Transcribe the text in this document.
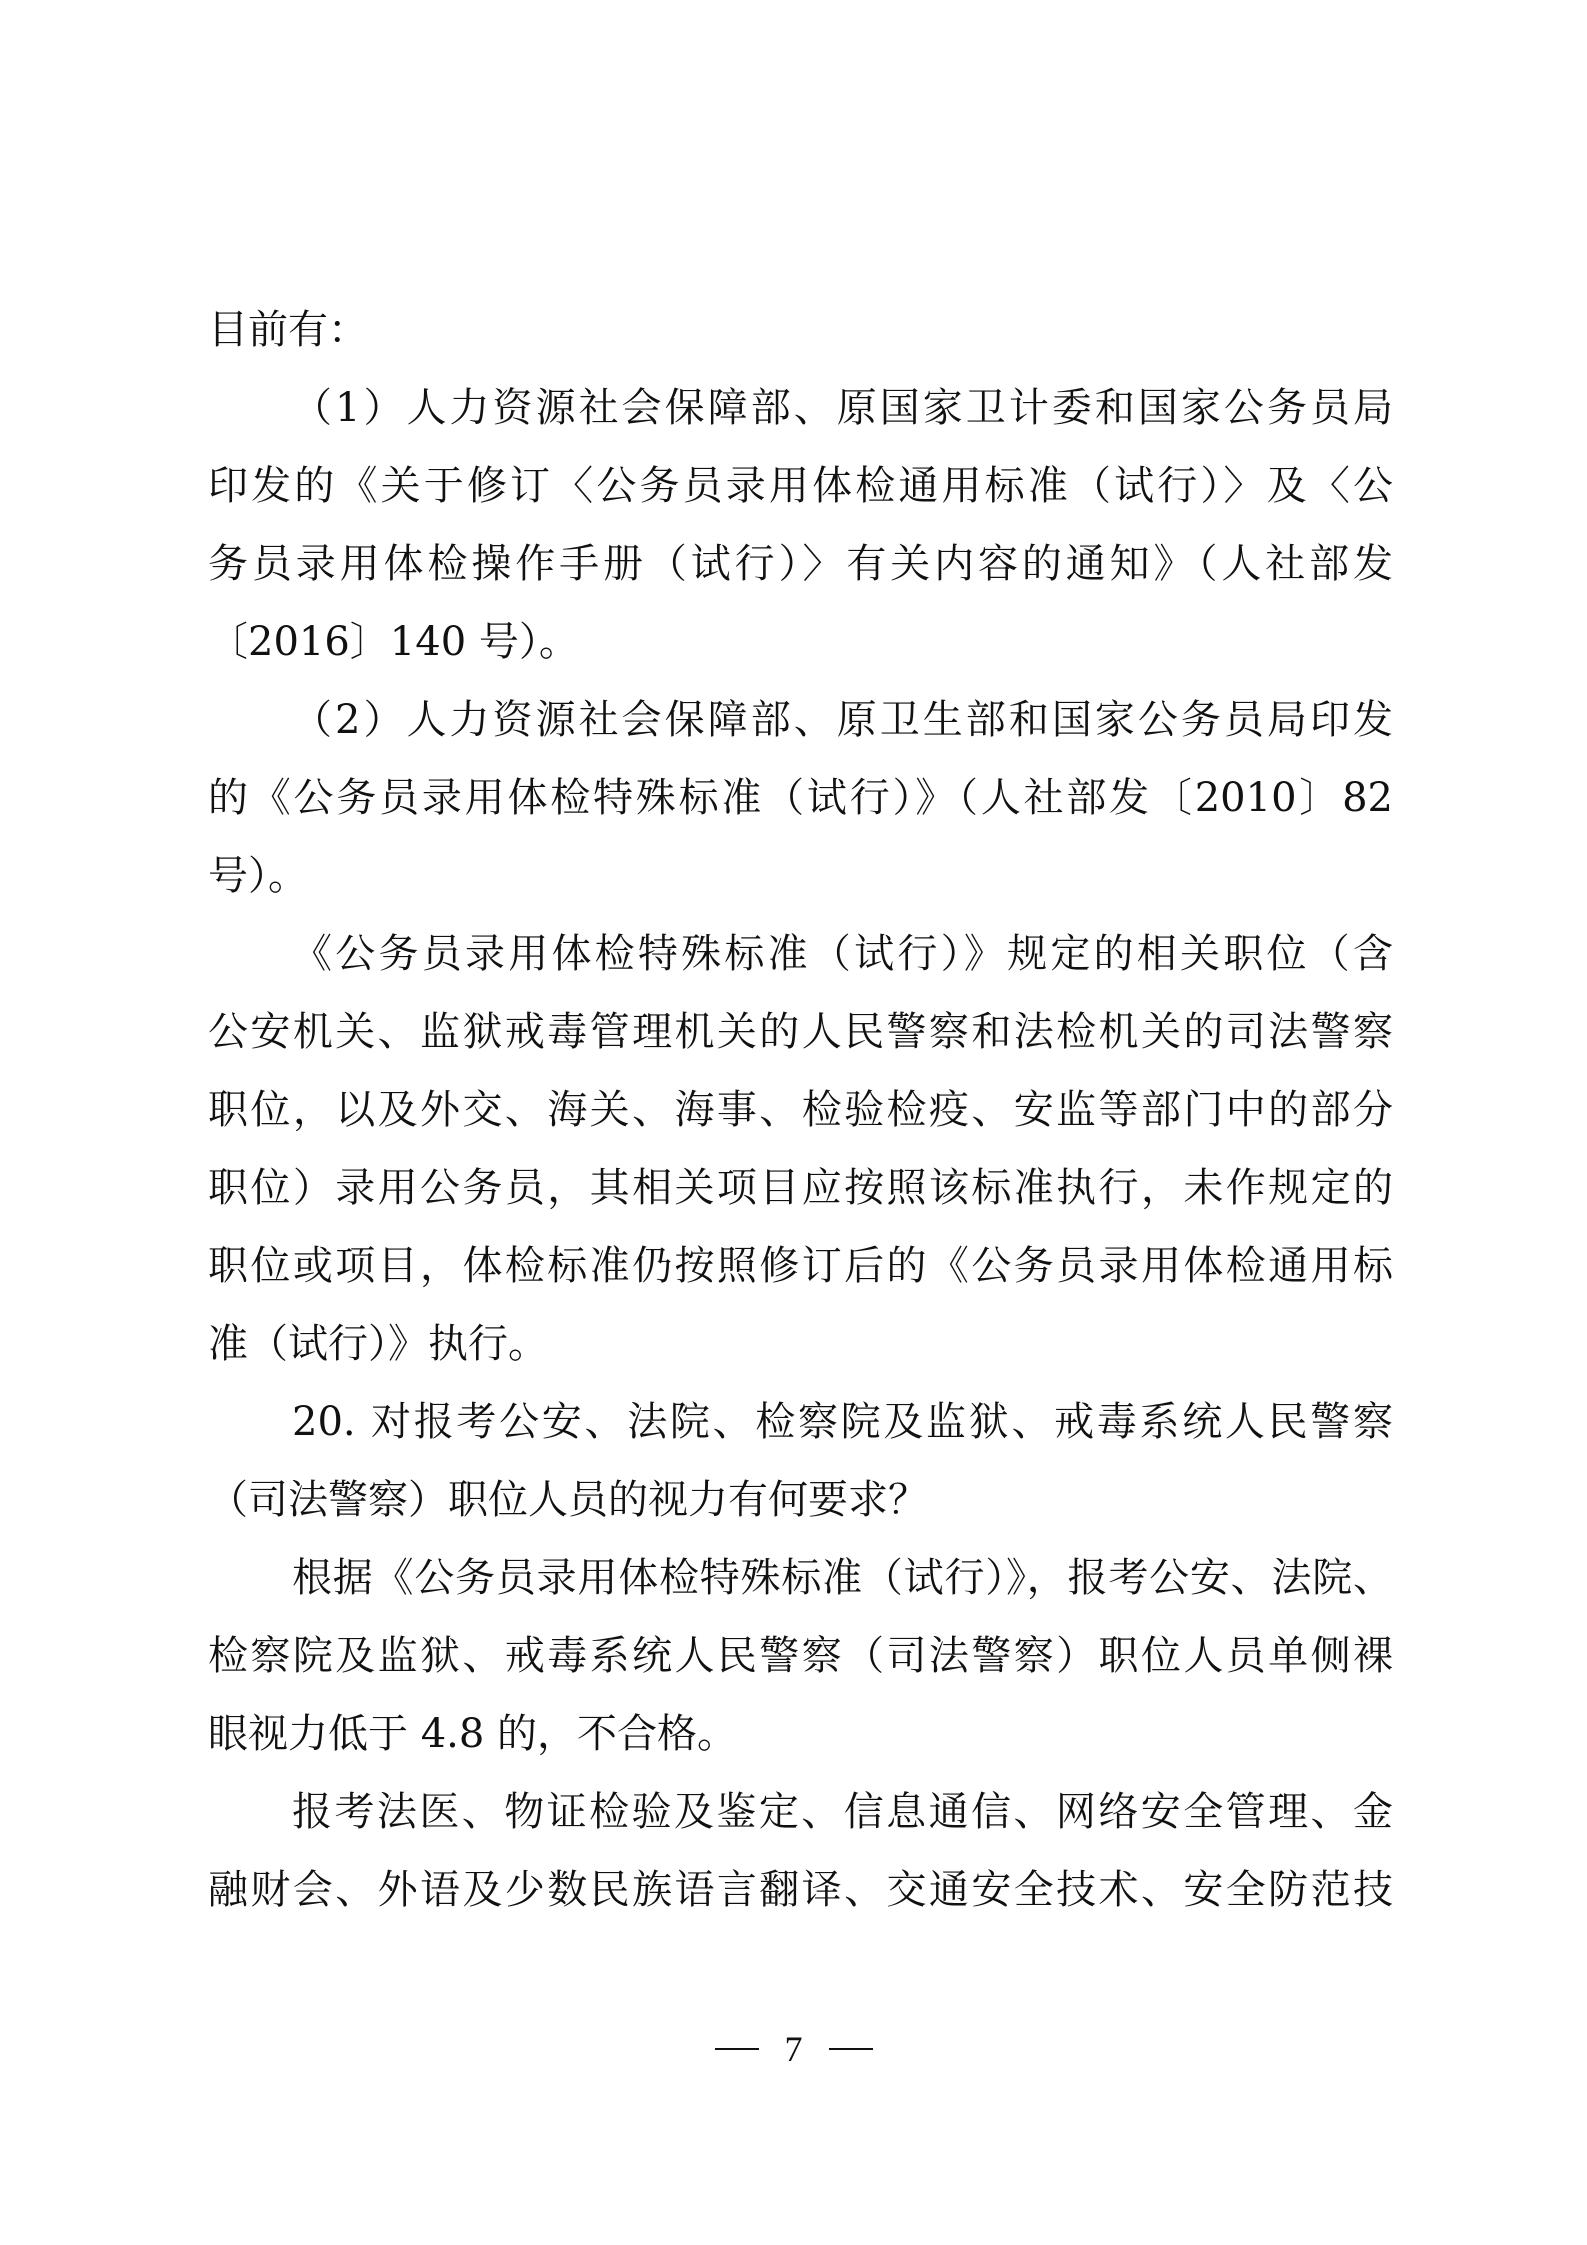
目前有：
（1）人力资源社会保障部、原国家卫计委和国家公务员局
印发的《关于修订〈公务员录用体检通用标准（试行）〉及〈公
务员录用体检操作手册（试行）〉有关内容的通知》（人社部发
〔2016〕140 号）。
（2）人力资源社会保障部、原卫生部和国家公务员局印发
的《公务员录用体检特殊标准（试行）》（人社部发〔2010〕82
号）。
《公务员录用体检特殊标准（试行）》规定的相关职位（含
公安机关、监狱戒毒管理机关的人民警察和法检机关的司法警察
职位，以及外交、海关、海事、检验检疫、安监等部门中的部分
职位）录用公务员，其相关项目应按照该标准执行，未作规定的
职位或项目，体检标准仍按照修订后的《公务员录用体检通用标
准（试行）》执行。
20. 对报考公安、法院、检察院及监狱、戒毒系统人民警察
（司法警察）职位人员的视力有何要求？
根据《公务员录用体检特殊标准（试行）》，报考公安、法院、
检察院及监狱、戒毒系统人民警察（司法警察）职位人员单侧裸
眼视力低于 4.8 的，不合格。
报考法医、物证检验及鉴定、信息通信、网络安全管理、金
融财会、外语及少数民族语言翻译、交通安全技术、安全防范技
7
